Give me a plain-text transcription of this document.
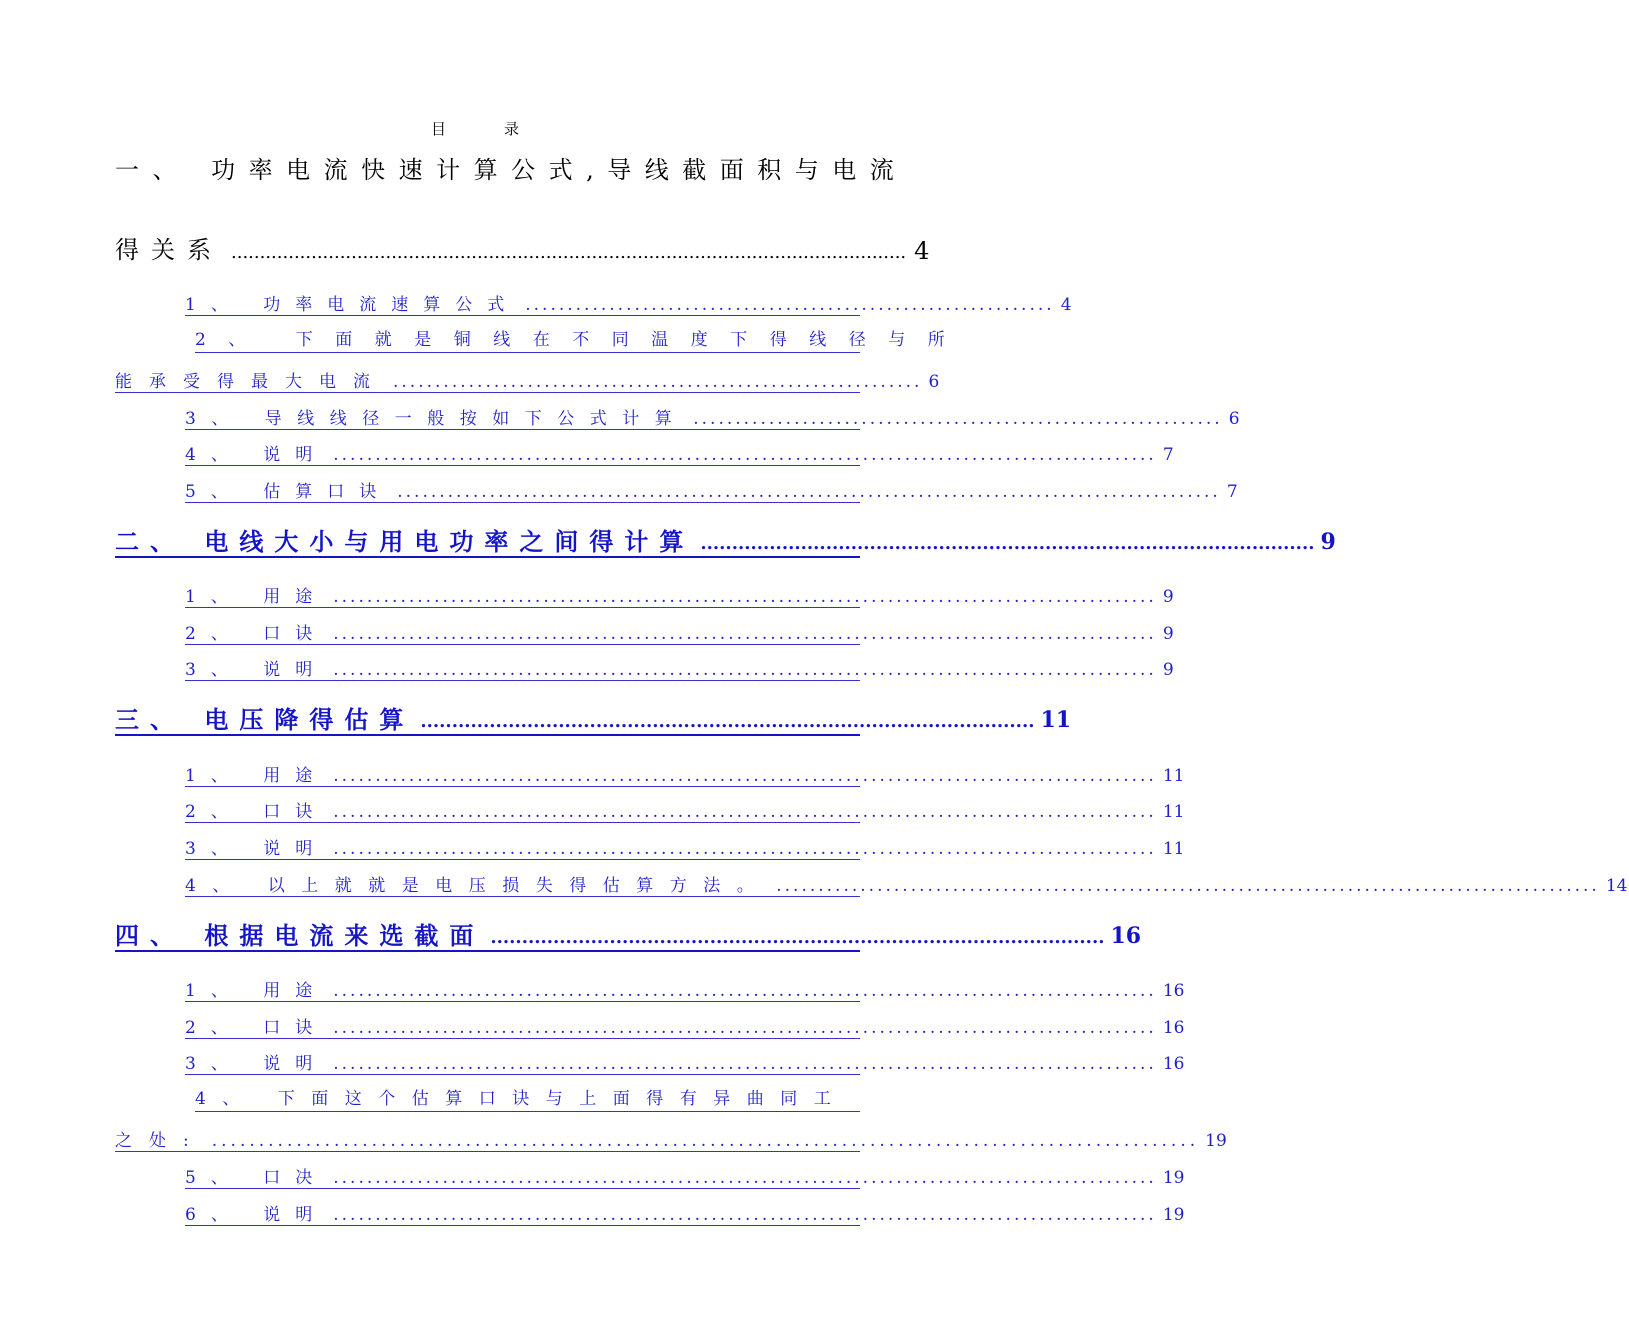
目	录
一、 功率电流快速计算公式,导线截面积与电流
得关系 ...................................................................................................................... 4
1、 功率电流速算公式 ............................................................... 4
2、 下面就是铜线在不同温度下得线径与所
能承受得最大电流 ............................................................... 6
3、 导线线径一般按如下公式计算 ............................................................... 6
4、 说明 .................................................................................................. 7
5、 估算口诀 .................................................................................................. 7
二、 电线大小与用电功率之间得计算 .................................................................................................. 9
1、 用途 .................................................................................................. 9
2、 口诀 .................................................................................................. 9
3、 说明 .................................................................................................. 9
三、 电压降得估算 .................................................................................................. 11
1、 用途 .................................................................................................. 11
2、 口诀 .................................................................................................. 11
3、 说明 .................................................................................................. 11
4、 以上就就是电压损失得估算方法。 .................................................................................................. 14
四、 根据电流来选截面 .................................................................................................. 16
1、 用途 .................................................................................................. 16
2、 口诀 .................................................................................................. 16
3、 说明 .................................................................................................. 16
4、 下面这个估算口诀与上面得有异曲同工
之处: ......................................................................................................... 19
5、 口决 .................................................................................................. 19
6、 说明 .................................................................................................. 19
